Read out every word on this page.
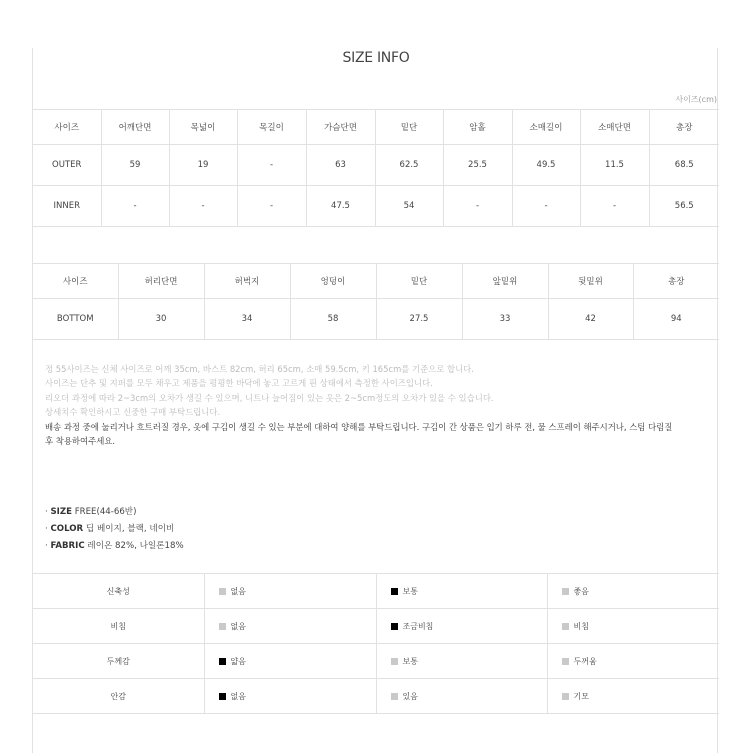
SIZE INFO
사이즈(cm)
사이즈	어깨단면	목넓이	목길이	가슴단면	밑단	암홀	소매길이	소매단면	총장
OUTER	59	19	-	63	62.5	25.5	49.5	11.5	68.5
INNER	-	-	-	47.5	54	-	-	-	56.5
사이즈	허리단면	허벅지	엉덩이	밑단	앞밑위	뒷밑위	총장
BOTTOM	30	34	58	27.5	33	42	94
정 55사이즈는 신체 사이즈로 어깨 35cm, 바스트 82cm, 허리 65cm, 소매 59.5cm, 키 165cm를 기준으로 합니다.
사이즈는 단추 및 지퍼를 모두 채우고 제품을 평평한 바닥에 놓고 고르게 핀 상태에서 측정한 사이즈입니다.
리오더 과정에 따라 2~3cm의 오차가 생길 수 있으며, 니트나 늘어짐이 있는 옷은 2~5cm정도의 오차가 있을 수 있습니다.
상세치수 확인하시고 신중한 구매 부탁드립니다.
배송 과정 중에 눌리거나 흐트러질 경우, 옷에 구김이 생길 수 있는 부분에 대하여 양해를 부탁드립니다. 구김이 간 상품은 입기 하루 전, 물 스프레이 해주시거나, 스팀 다림질
후 착용하여주세요.
· SIZE FREE(44-66반)
· COLOR 딥 베이지, 블랙, 네이비
· FABRIC 레이온 82%, 나일론18%
신축성	없음	보통	좋음
비침	없음	조금비침	비침
두께감	얇음	보통	두꺼움
안감	없음	있음	기모
